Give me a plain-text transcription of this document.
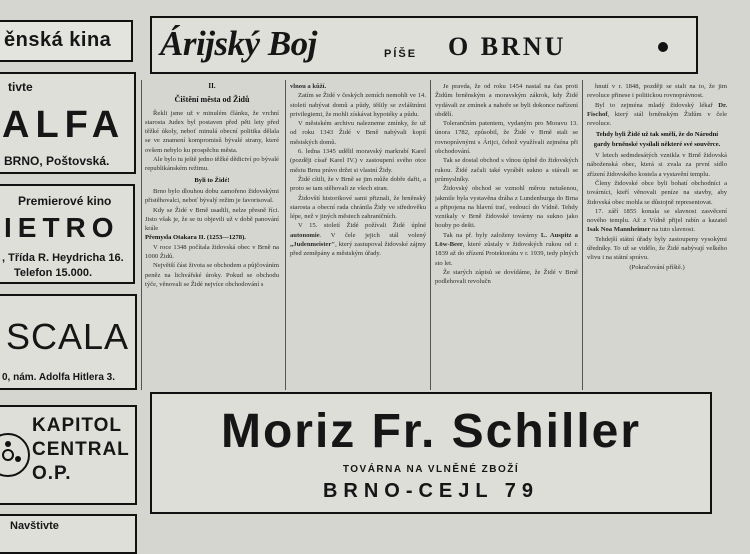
ěnská kina
tivte
ALFA
BRNO, Poštovská.
Premierové kino
IETRO
, Třída R. Heydricha 16.
Telefon 15.000.
SCALA
0, nám. Adolfa Hitlera 3.
KAPITOL
CENTRAL
O.P.
Navštivte
Árijský Boj	PÍŠE O BRNU

II.

Čištění města od Židů

Řekli jsme už v minulém článku, že vrchní starosta Judex byl postaven před pěti lety před těžké úkoly, neboť minulá obecní politika dělala se ve znamení kompromisů bývalé strany, které ovšem nebylo ku prospěchu města.

Ale bylo tu ještě jedno těžké dědictví po bývalé republikánském režimu.

Byli to Židé!

Brno bylo dlouhou dobu zamořeno židovskými přistěhovalci, neboť bývalý režim je favorisoval.

Kdy se Židé v Brně usadili, nelze přesně říci. Jisto však je, že se tu objevili už v době panování krále

Přemysla Otakara II. (1253—1278).

V roce 1348 počítala židovská obec v Brně na 1000 Židů.

Největší část života se obchodem a půjčováním peněz na lichvářské úroky. Pokud se obchodu týče, věnovali se Židé nejvíce obchodování s

vlnou a kůží.

Zatím se Židé v českých zemích nemohli ve 14. století nabývat domů a půdy, těšily se zvláštními privilegiemi, že mohli získávat hypotéky a půdu.

V městském archivu nalezneme zmínky, že už od roku 1343 Židé v Brně nabývali kopií městských domů.

6. ledna 1345 udělil moravský markrabí Karel (později císař Karel IV.) v zastoupení svého otce městu Brnu právo držet si vlastní Židy.

Židé cítili, že v Brně se jim může dobře dařit, a proto se tam stěhovali ze všech stran.

Židovští historikové sami přiznali, že brněnský starosta a obecní rada chránila Židy ve středověku lépe, než v jiných městech zahraničních.

V 15. století Židé požívali Židé úplné autonomie. V čele jejich stál volený „Judenmeister", který zastupoval židovské zájmy před zeměpány a městským úřady.

Je pravda, že od roku 1454 nastal na čas proti Židům brněnským a moravským zákrok, kdy Židé vydávali ze zmínek a nahoře se byli dokonce nařízení obdělí.

Tolerančním patentem, vydaným pro Moravu 13. února 1782, způsobil, že Židé v Brně stali se rovnoprávnými s Árijci, čehož využívali zejména při obchodování.

Tak se dostal obchod s vlnou úplně do židovských rukou. Židé začali také vyrábět sukno a stávali se průmyslníky.

Židovský obchod se vzmohl měrou netušenou, jakmile byla vystavěna dráha z Lundenburga do Brna a připojena na hlavní trať, vedoucí do Vídně. Tehdy vznikaly v Brně židovské továrny na sukno jako houby po dešti.

Tak na př. byly založeny továrny L. Auspitz a Löw-Beer, které zůstaly v židovských rukou od r. 1839 až do zřízení Protektorátu v r. 1939, tedy plných sto let.

Že starých zápisů se dovídáme, že Židé v Brně podlehovali revolučn

hnutí v r. 1848, později se stali na to, že jim revoluce přinese i politickou rovnoprávnost.

Byl to zejména mladý židovský lékař Dr. Fischof, který stál brněnským Židům v čele revoluce.

Tehdy byli Židé už tak smělí, že do Národní gardy brněnské vysílali některé své souvěrce.

V letech sedmdesátých vznikla v Brně židovská náboženská obec, která si zvala za první sídlo zřízení židovského kostela a vystavění templu.

Členy židovské obce byli bohatí obchodníci a továrníci, kteří věnovali peníze na stavby, aby židovská obec mohla se důstojně representovat.

17. září 1855 konala se slavnost zasvěcení nového templu. Až z Vídně přijel rabín a kazatel Isak Noa Mannheimer na tuto slavnost.

Tehdejší státní úřady byly zastoupeny vysokými úředníky. To už se vidělo, že Židé nabývají velkého vlivu i na státní správu.

(Pokračování příště.)

Moriz Fr. Schiller
TOVÁRNA NA VLNĚNÉ ZBOŽÍ
BRNO-CEJL 79
